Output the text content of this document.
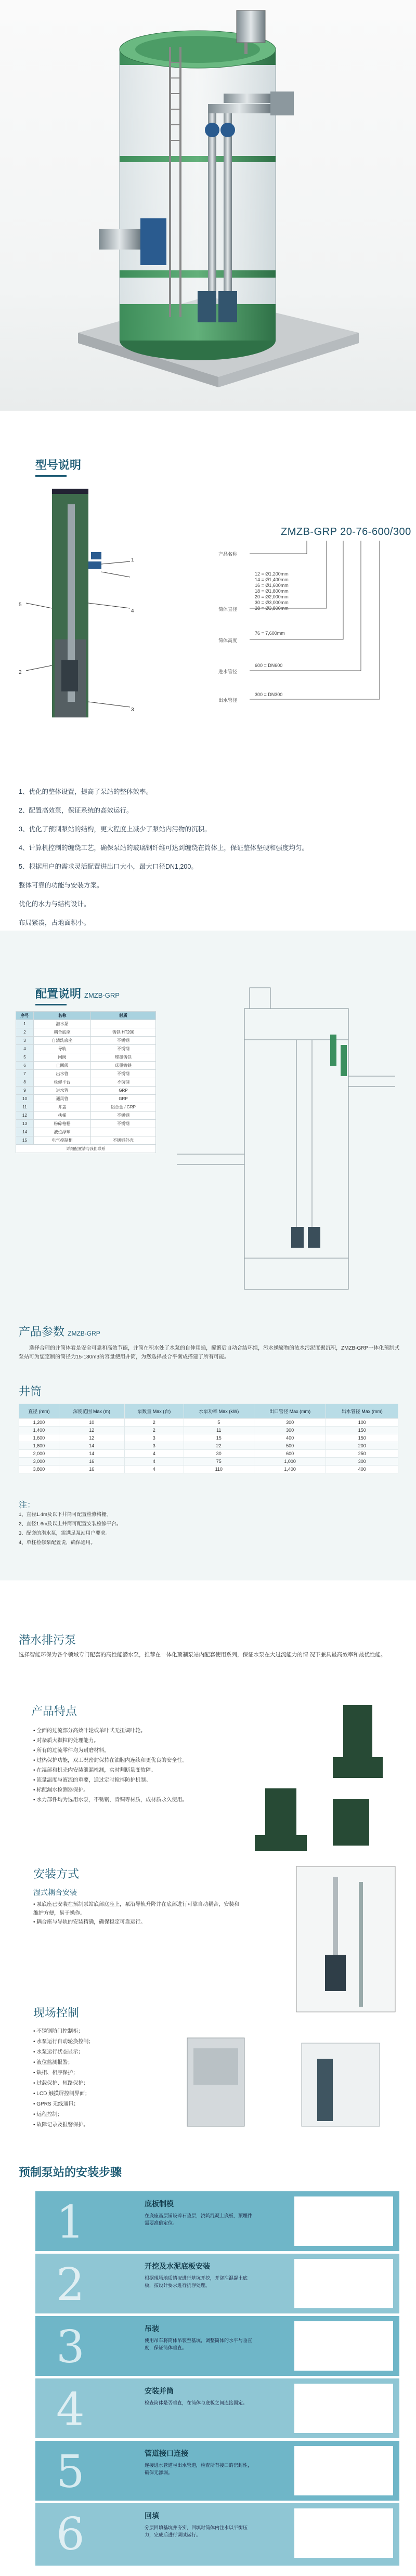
型号说明
1
2
3
4
5
ZMZB-GRP 20-76-600/300
产品名称
12 = Ø1,200mm
14 = Ø1,400mm
16 = Ø1,600mm
18 = Ø1,800mm
20 = Ø2,000mm
30 = Ø3,000mm
38 = Ø3,800mm
简体直径
76 = 7,600mm
简体高度
600 = DN600
进水管径
300 = DN300
出水管径
1、优化的整体设置，提高了泵站的整体效率。
2、配置高效泵，保证系统的高效运行。
3、优化了预制泵站的结构，更大程度上减少了泵站内污物的沉积。
4、计算机控制的缠绕工艺，确保泵站的玻璃钢纤维可达到缠绕在筒体上，保证整体坚硬和强度均匀。
5、根据用户的需求灵活配置进出口大小，最大口径DN1,200。
整体可靠的功能与安装方案。
优化的水力与结构设计。
布局紧凑，占地面积小。
配置说明 ZMZB-GRP
序号	名称	材质
1	潜水泵	
2	耦合底座	铸铁 HT200
3	自清洗底座	不锈钢
4	导轨	不锈钢
5	闸阀	球墨铸铁
6	止回阀	球墨铸铁
7	出水管	不锈钢
8	检修平台	不锈钢
9	进水管	GRP
10	通风管	GRP
11	井盖	铝合金 / GRP
12	扶梯	不锈钢
13	粉碎格栅	不锈钢
14	液位浮球	
15	电气控制柜	不锈钢外壳
详细配置请与我们联系		
产品参数 ZMZB-GRP
选择合理的并筒体看是安全可靠和高效节能，并筒在积水处了水泵的自伸用插，搅繁后自动合结环组，污水操聚物的浓水污泥度聚沉积，ZMZB-GRP一体化预制式泵站可为您定制的筒径为15-180m3的容量使用并筒，为您选择最合平衡成搭建了所有可能。
井筒
直径 (mm)	深度范围 Max (m)	泵数量 Max (台)	水泵功率 Max (kW)	出口管径 Max (mm)	出水管径 Max (mm)
1,200	10	2	5	300	100
1,400	12	2	11	300	150
1,600	12	3	15	400	150
1,800	14	3	22	500	200
2,000	14	4	30	600	250
3,000	16	4	75	1,000	300
3,800	16	4	110	1,400	400
注：
1、直径1.4m及以下井筒可配置检修格栅。
2、直径1.6m及以上井筒可配置安装检修平台。
3、配套的潜水泵，需满足泵站用户要求。
4、单柱检修泵配置说，确保通用。
潜水排污泵
选择智能环保为各个领域专门配套的高性能潜水泵，推荐在一体化预制泵站内配套使用系列，保证水泵在大过流能力的情 况下兼具最高效率和最优性能。
产品特点
• 全面的过流部分高效叶轮或单叶式无扭调叶轮。
• 对杂质大颗粒的处理能力。
• 所有的过流零件均为耐磨材料。
• 过热保护功能，双工况密封保持在油腔内连续和更优良的安全性。
• 在湿部和机壳内安装泄漏检测，实时判断量变故障。
• 流量温度与液流的重要，通过定时搅拌防护机制。
• 标配漏水检测器保护。
• 水力部件均为选用水泵，不锈钢，青铜等材质，成材质永久使用。
安装方式
湿式耦合安装
• 泵底座已安装在预制泵站底部底座上，泵沿导轨升降并在底部进行可靠自动耦合，安装和维护方便，易于操作。
• 耦合座与导轨的安装精确，确保稳定可靠运行。
现场控制
• 不锈钢防门控制柜；
• 水泵运行自动轮换控制；
• 水泵运行状态显示；
• 液位监测报警；
• 缺相、相序保护；
• 过载保护、短路保护；
• LCD 触摸屏控制界面；
• GPRS 无线通讯；
• 远程控制；
• 故障记录及报警保护。
预制泵站的安装步骤
1	底板制模
在底座基层铺设碎石垫层，浇筑混凝土底板，预埋件需要准确定位。
2	开挖及水泥底板安装
根据现场地质情况进行基坑开挖，并浇注混凝土底板，按设计要求进行抗浮处理。
3	吊装
使用吊车将筒体吊装至基坑，调整筒体的水平与垂直度，保证筒体垂直。
4	安装并筒
检查筒体是否垂直，在筒体与底板之间连接固定。
5	管道接口连接
连接进水管道与出水管道，检查所有接口的密封性，确保无渗漏。
6	回填
分层回填基坑并夯实，回填时筒体内注水以平衡压力，完成后进行调试运行。
